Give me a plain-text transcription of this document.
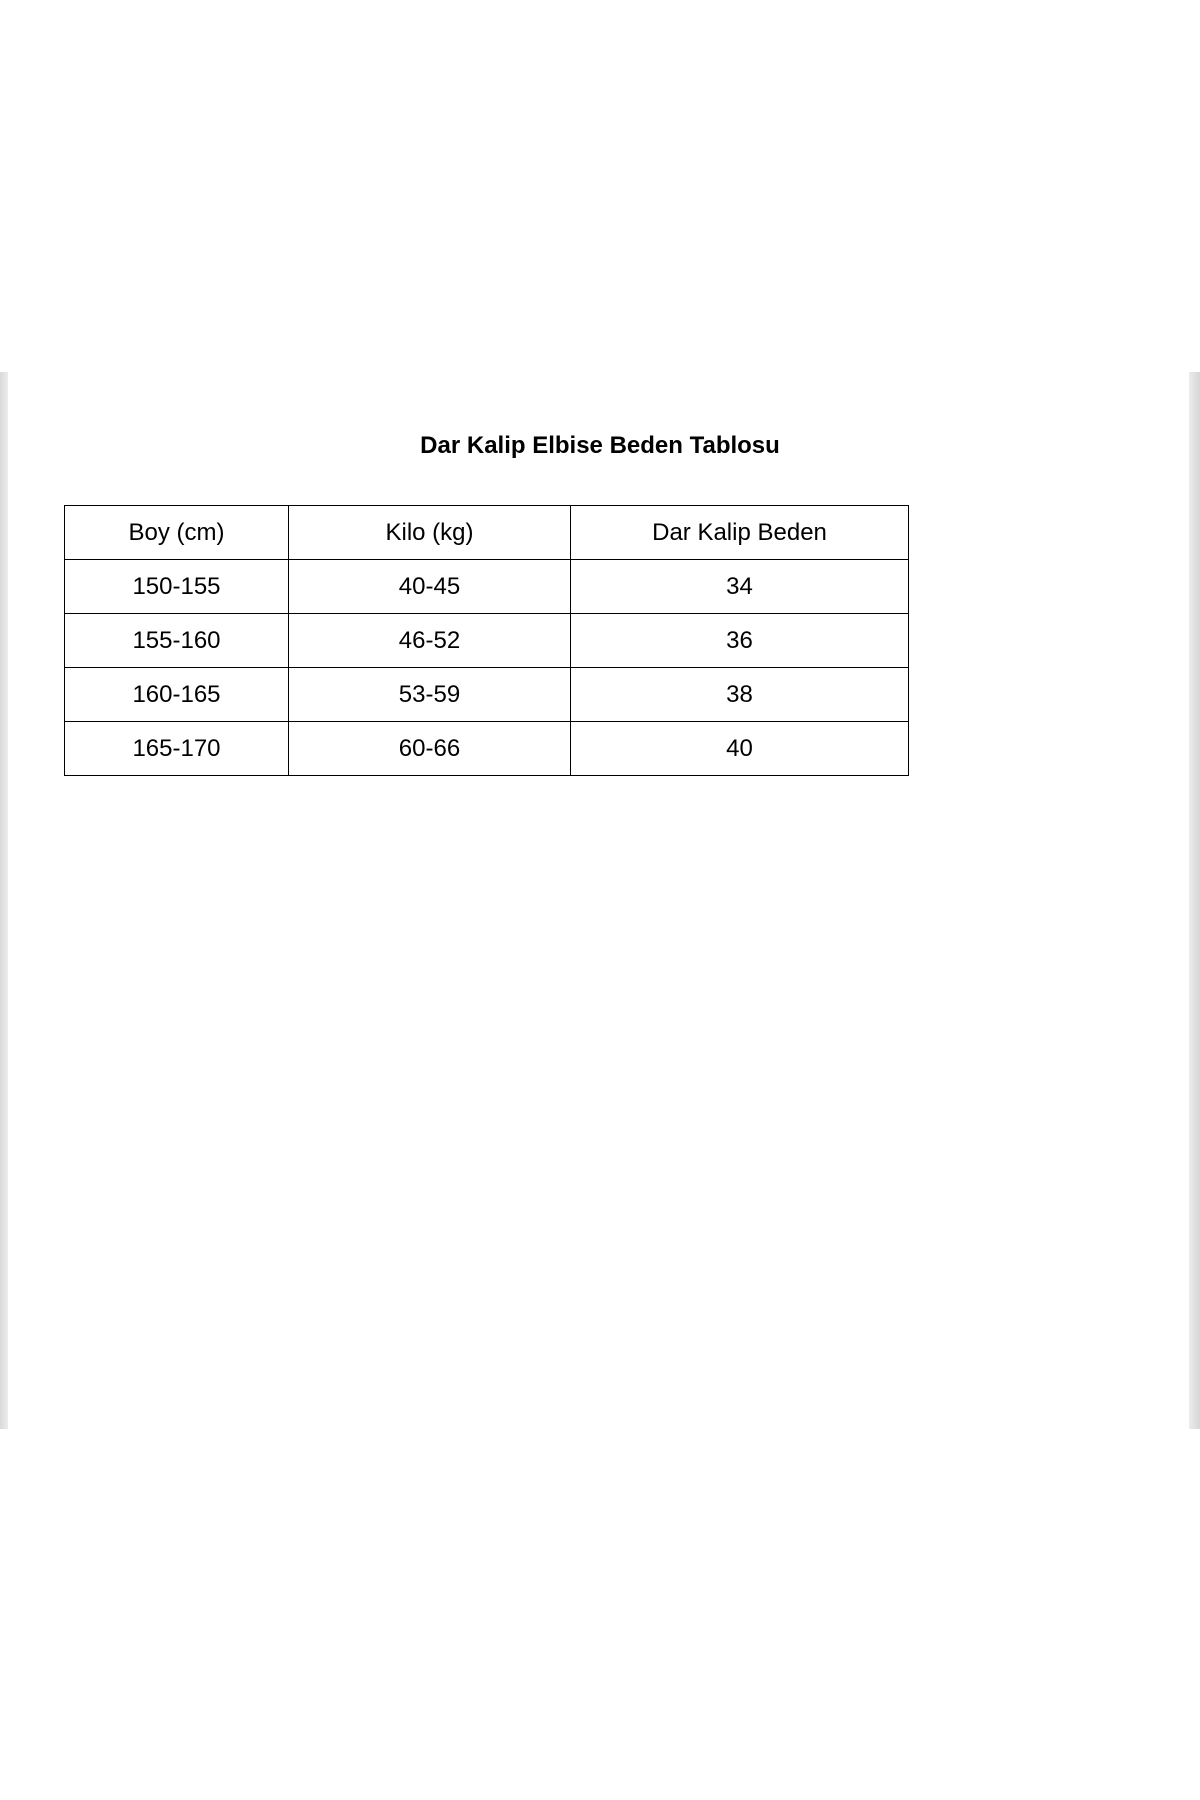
Dar Kalip Elbise Beden Tablosu
Boy (cm)	Kilo (kg)	Dar Kalip Beden
150-155	40-45	34
155-160	46-52	36
160-165	53-59	38
165-170	60-66	40
